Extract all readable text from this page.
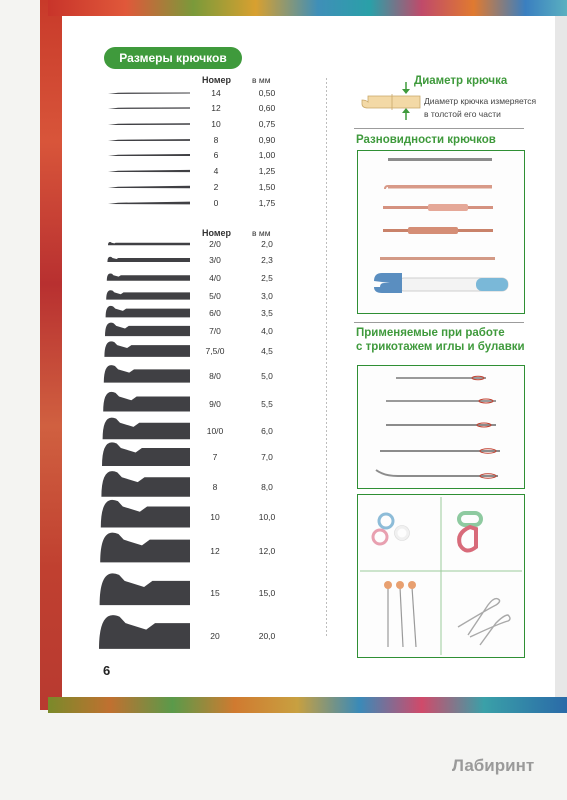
Размеры крючков
Номер в мм
Номер в мм
6
Диаметр крючка
Диаметр крючка измеряется
в толстой его части
Разновидности крючков
Применяемые при работе
с трикотажем иглы и булавки
Лабиринт
14	0,50
12	0,60
10	0,75
8	0,90
6	1,00
4	1,25
2	1,50
0	1,75
2/0	2,0
3/0	2,3
4/0	2,5
5/0	3,0
6/0	3,5
7/0	4,0
7,5/0	4,5
8/0	5,0
9/0	5,5
10/0	6,0
7	7,0
8	8,0
10	10,0
12	12,0
15	15,0
20	20,0
